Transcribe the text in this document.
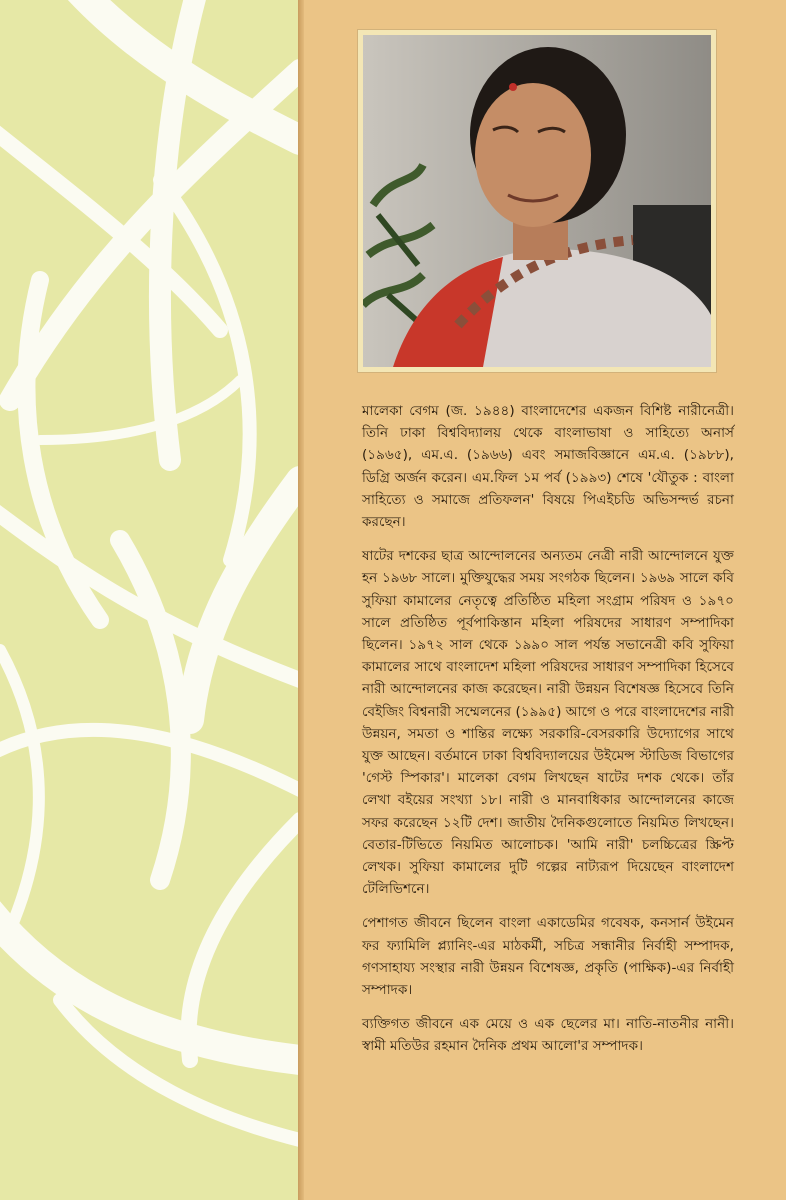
মালেকা বেগম (জ. ১৯৪৪) বাংলাদেশের একজন বিশিষ্ট নারীনেত্রী। তিনি ঢাকা বিশ্ববিদ্যালয় থেকে বাংলাভাষা ও সাহিত্যে অনার্স (১৯৬৫), এম.এ. (১৯৬৬) এবং সমাজবিজ্ঞানে এম.এ. (১৯৮৮), ডিগ্রি অর্জন করেন। এম.ফিল ১ম পর্ব (১৯৯৩) শেষে 'যৌতুক : বাংলা সাহিত্যে ও সমাজে প্রতিফলন' বিষয়ে পিএইচডি অভিসন্দর্ভ রচনা করছেন।

ষাটের দশকের ছাত্র আন্দোলনের অন্যতম নেত্রী নারী আন্দোলনে যুক্ত হন ১৯৬৮ সালে। মুক্তিযুদ্ধের সময় সংগঠক ছিলেন। ১৯৬৯ সালে কবি সুফিয়া কামালের নেতৃত্বে প্রতিষ্ঠিত মহিলা সংগ্রাম পরিষদ ও ১৯৭০ সালে প্রতিষ্ঠিত পূর্বপাকিস্তান মহিলা পরিষদের সাধারণ সম্পাদিকা ছিলেন। ১৯৭২ সাল থেকে ১৯৯০ সাল পর্যন্ত সভানেত্রী কবি সুফিয়া কামালের সাথে বাংলাদেশ মহিলা পরিষদের সাধারণ সম্পাদিকা হিসেবে নারী আন্দোলনের কাজ করেছেন। নারী উন্নয়ন বিশেষজ্ঞ হিসেবে তিনি বেইজিং বিশ্বনারী সম্মেলনের (১৯৯৫) আগে ও পরে বাংলাদেশের নারী উন্নয়ন, সমতা ও শান্তির লক্ষ্যে সরকারি-বেসরকারি উদ্যোগের সাথে যুক্ত আছেন। বর্তমানে ঢাকা বিশ্ববিদ্যালয়ের উইমেন্স স্টাডিজ বিভাগের 'গেস্ট স্পিকার'। মালেকা বেগম লিখছেন ষাটের দশক থেকে। তাঁর লেখা বইয়ের সংখ্যা ১৮। নারী ও মানবাধিকার আন্দোলনের কাজে সফর করেছেন ১২টি দেশ। জাতীয় দৈনিকগুলোতে নিয়মিত লিখছেন। বেতার-টিভিতে নিয়মিত আলোচক। 'আমি নারী' চলচ্চিত্রের স্ক্রিপ্ট লেখক। সুফিয়া কামালের দুটি গল্পের নাট্যরূপ দিয়েছেন বাংলাদেশ টেলিভিশনে।

পেশাগত জীবনে ছিলেন বাংলা একাডেমির গবেষক, কনসার্ন উইমেন ফর ফ্যামিলি প্ল্যানিং-এর মাঠকর্মী, সচিত্র সন্ধানীর নির্বাহী সম্পাদক, গণসাহায্য সংস্থার নারী উন্নয়ন বিশেষজ্ঞ, প্রকৃতি (পাক্ষিক)-এর নির্বাহী সম্পাদক।

ব্যক্তিগত জীবনে এক মেয়ে ও এক ছেলের মা। নাতি-নাতনীর নানী। স্বামী মতিউর রহমান দৈনিক প্রথম আলো'র সম্পাদক।
